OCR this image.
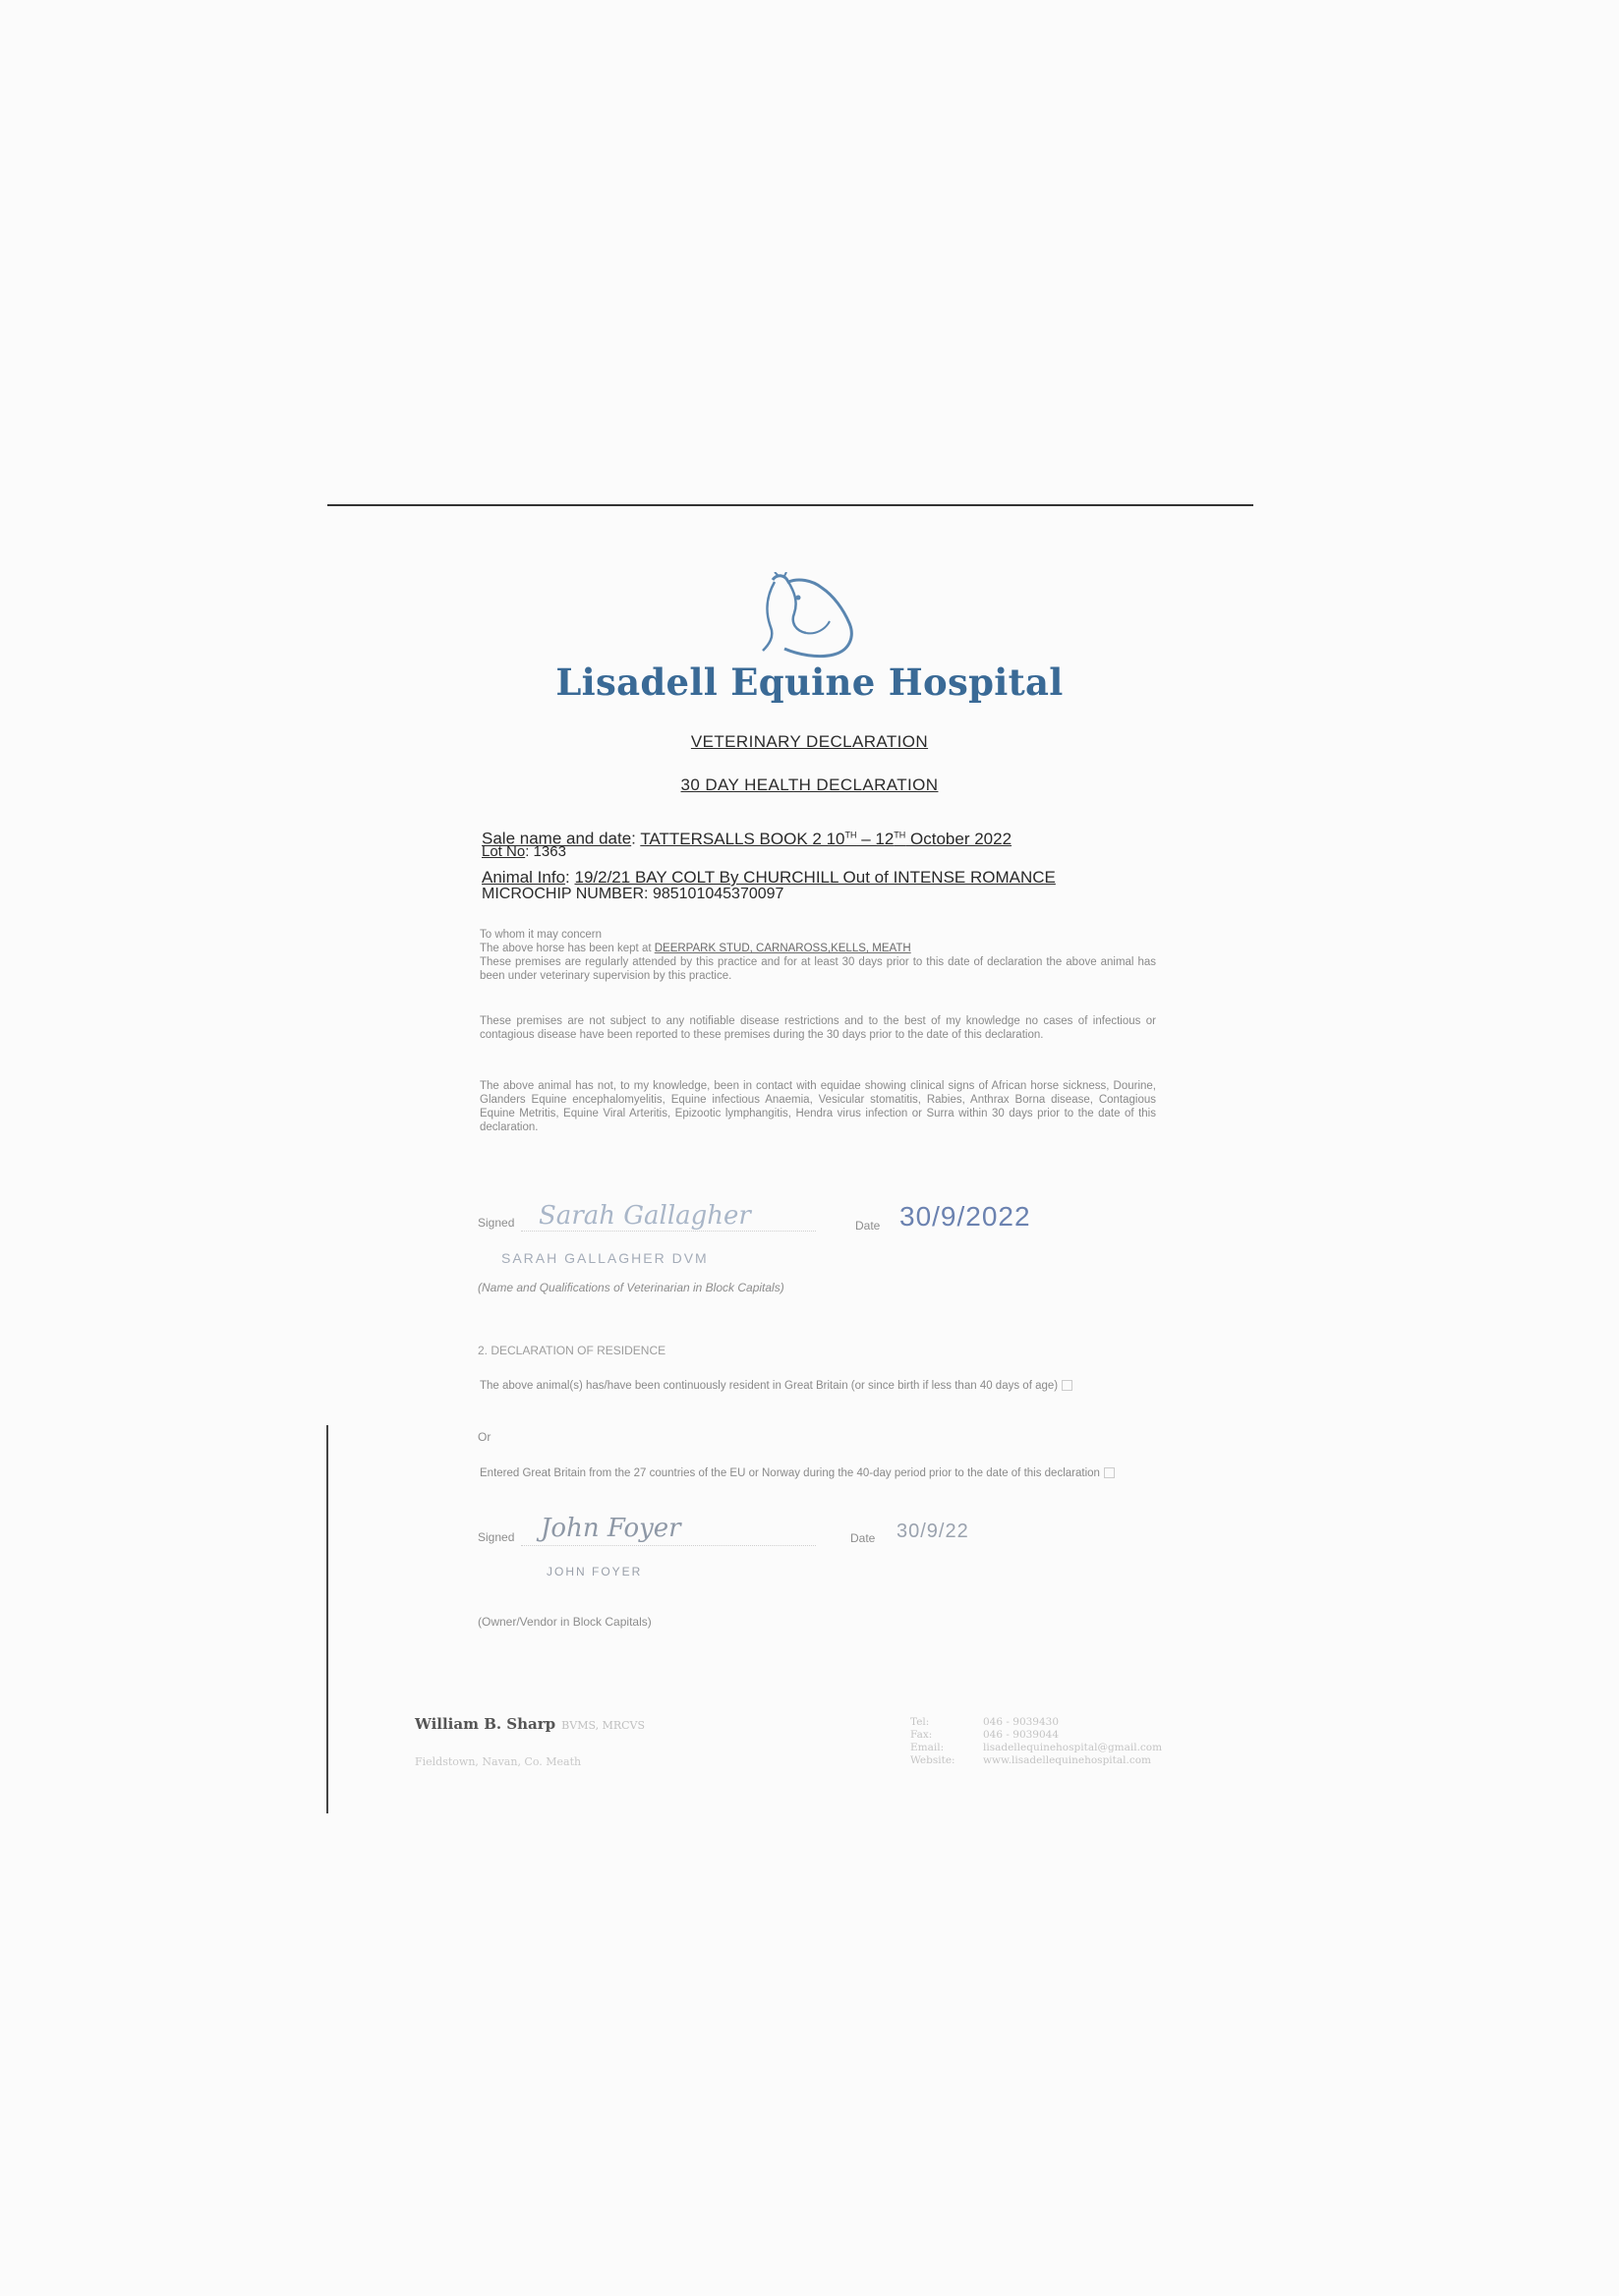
Lisadell Equine Hospital
VETERINARY DECLARATION
30 DAY HEALTH DECLARATION
Sale name and date: TATTERSALLS BOOK 2 10TH – 12TH October 2022
Lot No: 1363
Animal Info: 19/2/21 BAY COLT By CHURCHILL Out of INTENSE ROMANCE
MICROCHIP NUMBER: 985101045370097
To whom it may concern
The above horse has been kept at DEERPARK STUD, CARNAROSS,KELLS, MEATH
These premises are regularly attended by this practice and for at least 30 days prior to this date of declaration the above animal has been under veterinary supervision by this practice.
These premises are not subject to any notifiable disease restrictions and to the best of my knowledge no cases of infectious or contagious disease have been reported to these premises during the 30 days prior to the date of this declaration.
The above animal has not, to my knowledge, been in contact with equidae showing clinical signs of African horse sickness, Dourine, Glanders Equine encephalomyelitis, Equine infectious Anaemia, Vesicular stomatitis, Rabies, Anthrax Borna disease, Contagious Equine Metritis, Equine Viral Arteritis, Epizootic lymphangitis, Hendra virus infection or Surra within 30 days prior to the date of this declaration.
Signed Sarah Gallagher	Date 30/9/2022
SARAH GALLAGHER DVM
(Name and Qualifications of Veterinarian in Block Capitals)
2. DECLARATION OF RESIDENCE
The above animal(s) has/have been continuously resident in Great Britain (or since birth if less than 40 days of age)
Or
Entered Great Britain from the 27 countries of the EU or Norway during the 40-day period prior to the date of this declaration
Signed John Foyer	Date 30/9/22
JOHN FOYER
(Owner/Vendor in Block Capitals)
William B. Sharp BVMS, MRCVS
Fieldstown, Navan, Co. Meath
Tel:	046 - 9039430
Fax:	046 - 9039044
Email:	lisadellequinehospital@gmail.com
Website:	www.lisadellequinehospital.com
